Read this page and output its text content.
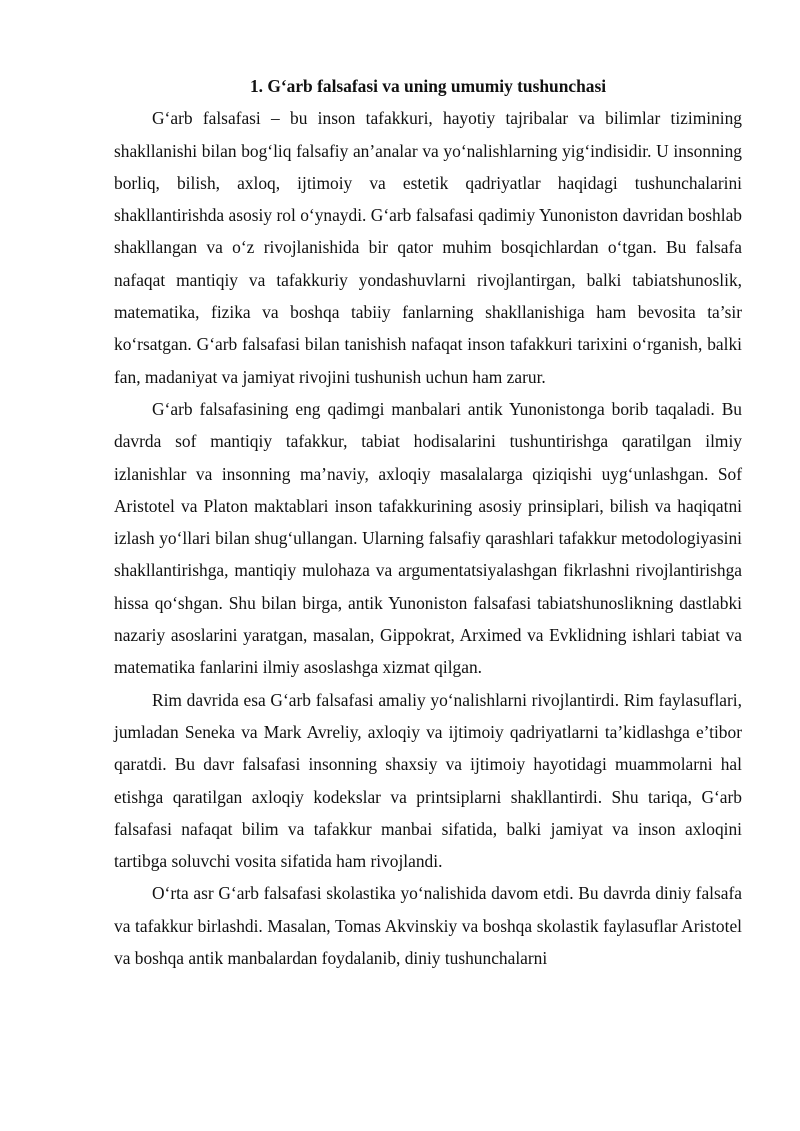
1. G‘arb falsafasi va uning umumiy tushunchasi

G‘arb falsafasi – bu inson tafakkuri, hayotiy tajribalar va bilimlar tizimining shakllanishi bilan bog‘liq falsafiy an’analar va yo‘nalishlarning yig‘indisidir. U insonning borliq, bilish, axloq, ijtimoiy va estetik qadriyatlar haqidagi tushunchalarini shakllantirishda asosiy rol o‘ynaydi. G‘arb falsafasi qadimiy Yunoniston davridan boshlab shakllangan va o‘z rivojlanishida bir qator muhim bosqichlardan o‘tgan. Bu falsafa nafaqat mantiqiy va tafakkuriy yondashuvlarni rivojlantirgan, balki tabiatshunoslik, matematika, fizika va boshqa tabiiy fanlarning shakllanishiga ham bevosita ta’sir ko‘rsatgan. G‘arb falsafasi bilan tanishish nafaqat inson tafakkuri tarixini o‘rganish, balki fan, madaniyat va jamiyat rivojini tushunish uchun ham zarur.

G‘arb falsafasining eng qadimgi manbalari antik Yunonistonga borib taqaladi. Bu davrda sof mantiqiy tafakkur, tabiat hodisalarini tushuntirishga qaratilgan ilmiy izlanishlar va insonning ma’naviy, axloqiy masalalarga qiziqishi uyg‘unlashgan. Sof Aristotel va Platon maktablari inson tafakkurining asosiy prinsiplari, bilish va haqiqatni izlash yo‘llari bilan shug‘ullangan. Ularning falsafiy qarashlari tafakkur metodologiyasini shakllantirishga, mantiqiy mulohaza va argumentatsiyalashgan fikrlashni rivojlantirishga hissa qo‘shgan. Shu bilan birga, antik Yunoniston falsafasi tabiatshunoslikning dastlabki nazariy asoslarini yaratgan, masalan, Gippokrat, Arximed va Evklidning ishlari tabiat va matematika fanlarini ilmiy asoslashga xizmat qilgan.

Rim davrida esa G‘arb falsafasi amaliy yo‘nalishlarni rivojlantirdi. Rim faylasuflari, jumladan Seneka va Mark Avreliy, axloqiy va ijtimoiy qadriyatlarni ta’kidlashga e’tibor qaratdi. Bu davr falsafasi insonning shaxsiy va ijtimoiy hayotidagi muammolarni hal etishga qaratilgan axloqiy kodekslar va printsiplarni shakllantirdi. Shu tariqa, G‘arb falsafasi nafaqat bilim va tafakkur manbai sifatida, balki jamiyat va inson axloqini tartibga soluvchi vosita sifatida ham rivojlandi.

O‘rta asr G‘arb falsafasi skolastika yo‘nalishida davom etdi. Bu davrda diniy falsafa va tafakkur birlashdi. Masalan, Tomas Akvinskiy va boshqa skolastik faylasuflar Aristotel va boshqa antik manbalardan foydalanib, diniy tushunchalarni
